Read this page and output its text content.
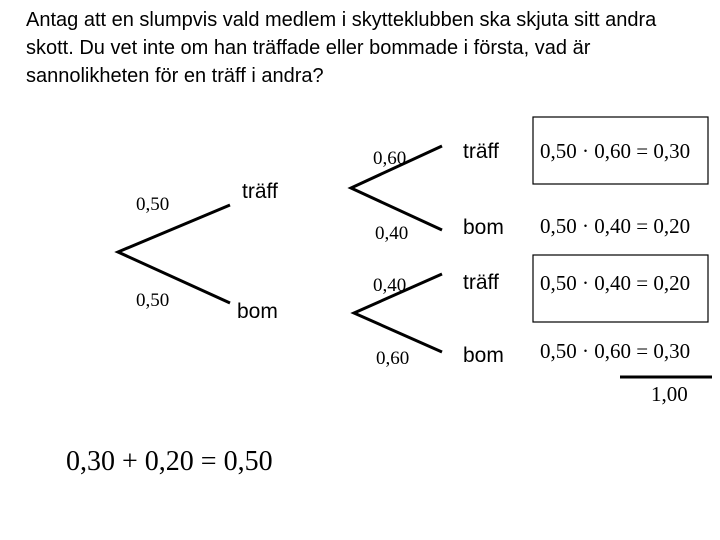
Antag att en slumpvis vald medlem i skytteklubben ska skjuta sitt andra skott. Du vet inte om han träffade eller bommade i första, vad är sannolikheten för en träff i andra?

0,50
0,50
träff
bom
0,60
0,40
träff
bom
0,40
0,60
träff
bom
0,50 · 0,60 = 0,30
0,50 · 0,40 = 0,20
0,50 · 0,40 = 0,20
0,50 · 0,60 = 0,30
1,00
0,30 + 0,20 = 0,50
